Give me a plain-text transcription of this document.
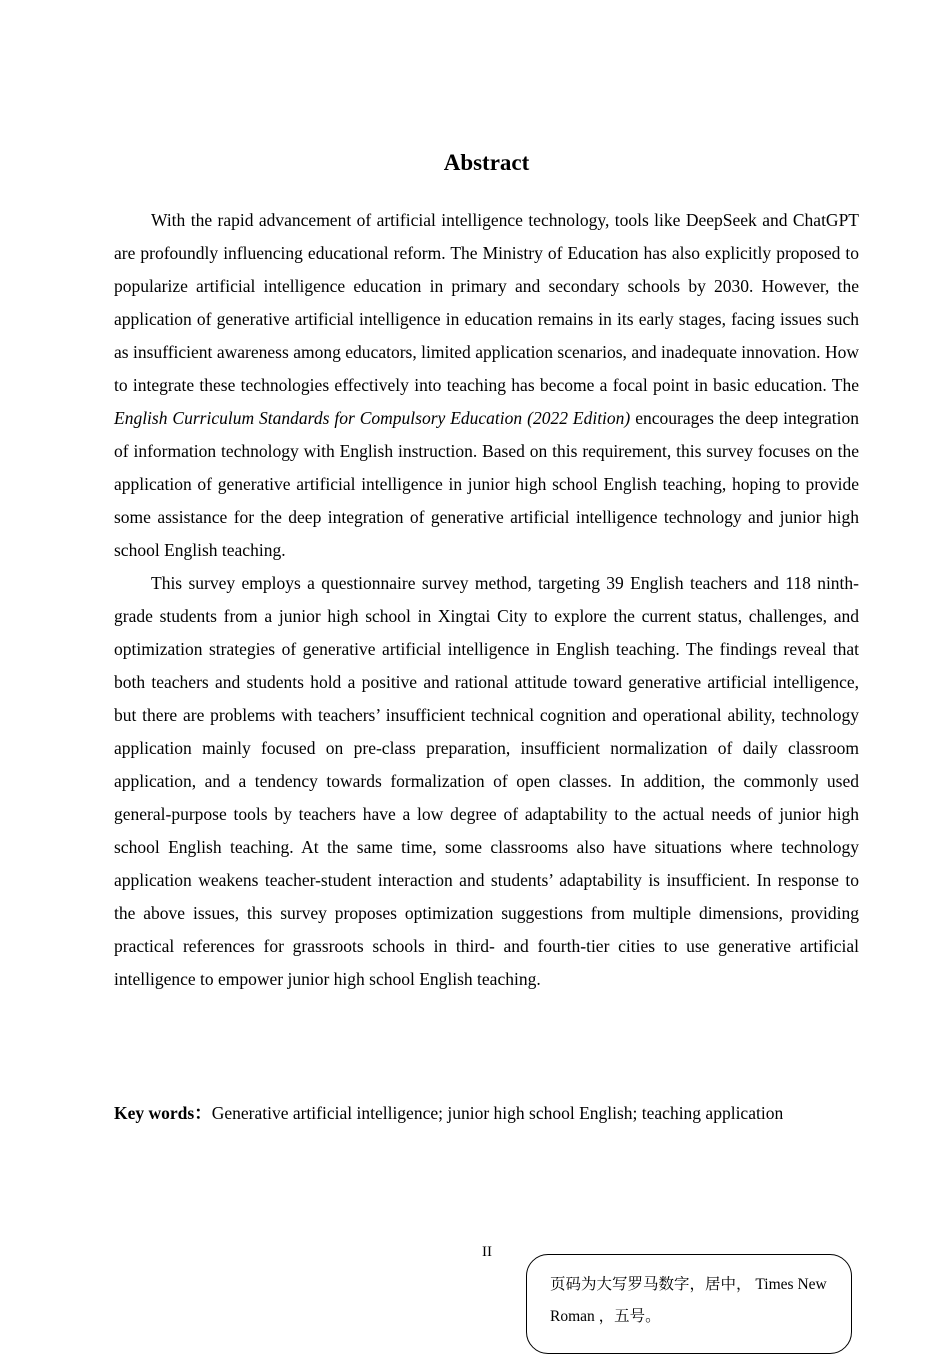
Abstract

With the rapid advancement of artificial intelligence technology, tools like DeepSeek and ChatGPT are profoundly influencing educational reform. The Ministry of Education has also explicitly proposed to popularize artificial intelligence education in primary and secondary schools by 2030. However, the application of generative artificial intelligence in education remains in its early stages, facing issues such as insufficient awareness among educators, limited application scenarios, and inadequate innovation. How to integrate these technologies effectively into teaching has become a focal point in basic education. The English Curriculum Standards for Compulsory Education (2022 Edition) encourages the deep integration of information technology with English instruction. Based on this requirement, this survey focuses on the application of generative artificial intelligence in junior high school English teaching, hoping to provide some assistance for the deep integration of generative artificial intelligence technology and junior high school English teaching.

This survey employs a questionnaire survey method, targeting 39 English teachers and 118 ninth-grade students from a junior high school in Xingtai City to explore the current status, challenges, and optimization strategies of generative artificial intelligence in English teaching. The findings reveal that both teachers and students hold a positive and rational attitude toward generative artificial intelligence, but there are problems with teachers’ insufficient technical cognition and operational ability, technology application mainly focused on pre-class preparation, insufficient normalization of daily classroom application, and a tendency towards formalization of open classes. In addition, the commonly used general-purpose tools by teachers have a low degree of adaptability to the actual needs of junior high school English teaching. At the same time, some classrooms also have situations where technology application weakens teacher-student interaction and students’ adaptability is insufficient. In response to the above issues, this survey proposes optimization suggestions from multiple dimensions, providing practical references for grassroots schools in third- and fourth-tier cities to use generative artificial intelligence to empower junior high school English teaching.

Key words：Generative artificial intelligence; junior high school English; teaching application
II
页码为大写罗马数字，居中， Times New Roman ，五号。
